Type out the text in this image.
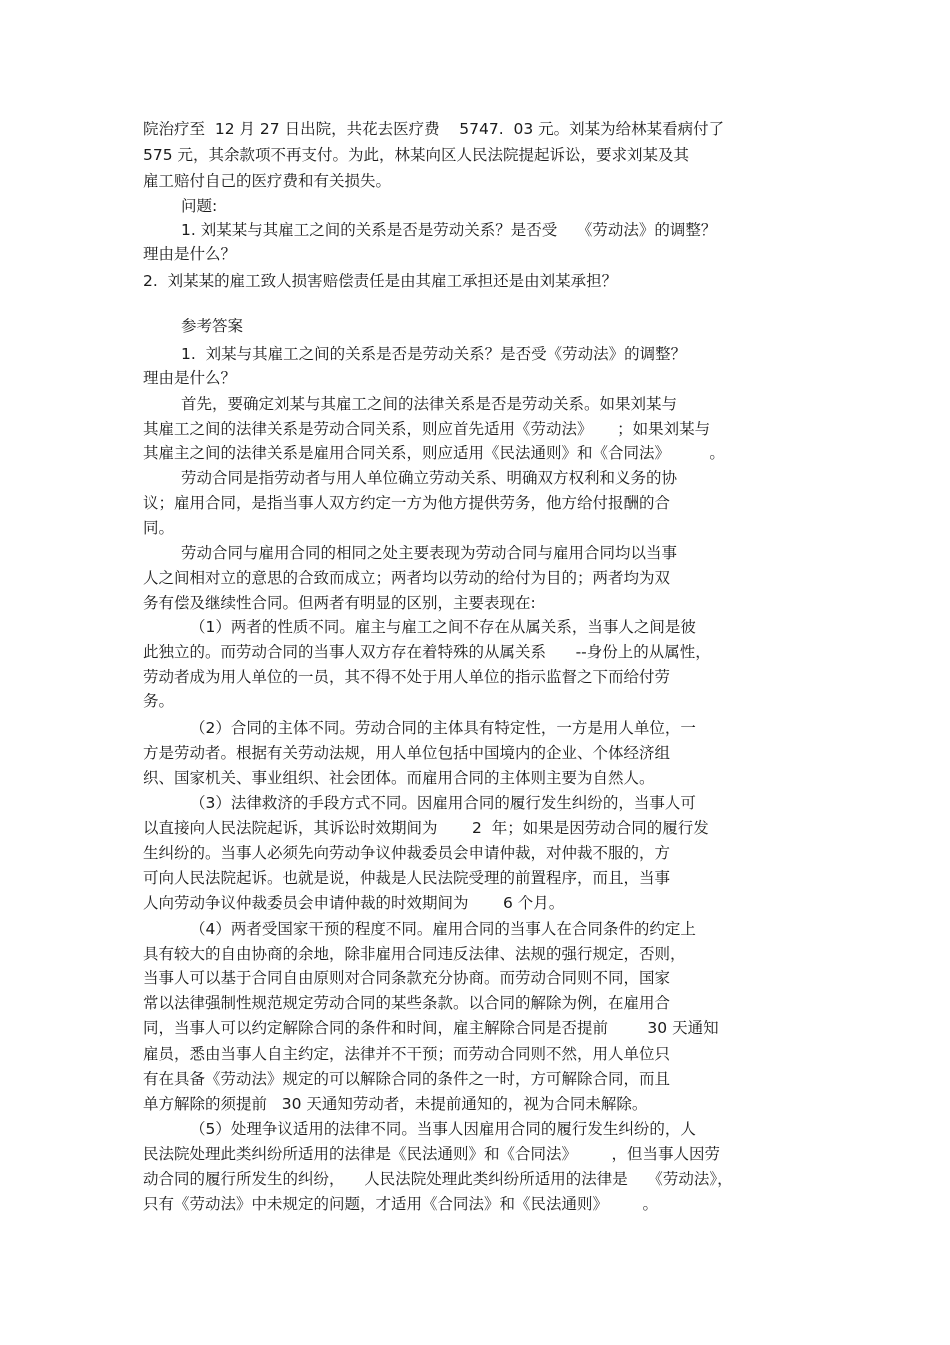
院治疗至  12 月 27 日出院，共花去医疗费    5747.  03 元。刘某为给林某看病付了

575 元，其余款项不再支付。为此，林某向区人民法院提起诉讼，要求刘某及其

雇工赔付自己的医疗费和有关损失。

问题:

1. 刘某某与其雇工之间的关系是否是劳动关系？是否受    《劳动法》的调整？

理由是什么？

2.  刘某某的雇工致人损害赔偿责任是由其雇工承担还是由刘某承担？

参考答案

1.  刘某与其雇工之间的关系是否是劳动关系？是否受《劳动法》的调整？

理由是什么？

首先，要确定刘某与其雇工之间的法律关系是否是劳动关系。如果刘某与

其雇工之间的法律关系是劳动合同关系，则应首先适用《劳动法》     ；如果刘某与

其雇主之间的法律关系是雇用合同关系，则应适用《民法通则》和《合同法》        。

劳动合同是指劳动者与用人单位确立劳动关系、明确双方权利和义务的协

议；雇用合同，是指当事人双方约定一方为他方提供劳务，他方给付报酬的合

同。

劳动合同与雇用合同的相同之处主要表现为劳动合同与雇用合同均以当事

人之间相对立的意思的合致而成立；两者均以劳动的给付为目的；两者均为双

务有偿及继续性合同。但两者有明显的区别，主要表现在:

（1）两者的性质不同。雇主与雇工之间不存在从属关系，当事人之间是彼

此独立的。而劳动合同的当事人双方存在着特殊的从属关系      --身份上的从属性，

劳动者成为用人单位的一员，其不得不处于用人单位的指示监督之下而给付劳

务。

（2）合同的主体不同。劳动合同的主体具有特定性，一方是用人单位，一

方是劳动者。根据有关劳动法规，用人单位包括中国境内的企业、个体经济组

织、国家机关、事业组织、社会团体。而雇用合同的主体则主要为自然人。

（3）法律救济的手段方式不同。因雇用合同的履行发生纠纷的，当事人可

以直接向人民法院起诉，其诉讼时效期间为       2  年；如果是因劳动合同的履行发

生纠纷的。当事人必须先向劳动争议仲裁委员会申请仲裁，对仲裁不服的，方

可向人民法院起诉。也就是说，仲裁是人民法院受理的前置程序，而且，当事

人向劳动争议仲裁委员会申请仲裁的时效期间为       6 个月。

（4）两者受国家干预的程度不同。雇用合同的当事人在合同条件的约定上

具有较大的自由协商的余地，除非雇用合同违反法律、法规的强行规定，否则，

当事人可以基于合同自由原则对合同条款充分协商。而劳动合同则不同，国家

常以法律强制性规范规定劳动合同的某些条款。以合同的解除为例，在雇用合

同，当事人可以约定解除合同的条件和时间，雇主解除合同是否提前        30 天通知

雇员，悉由当事人自主约定，法律并不干预；而劳动合同则不然，用人单位只

有在具备《劳动法》规定的可以解除合同的条件之一时，方可解除合同，而且

单方解除的须提前   30 天通知劳动者，未提前通知的，视为合同未解除。

（5）处理争议适用的法律不同。当事人因雇用合同的履行发生纠纷的，人

民法院处理此类纠纷所适用的法律是《民法通则》和《合同法》       ，但当事人因劳

动合同的履行所发生的纠纷，    人民法院处理此类纠纷所适用的法律是    《劳动法》，

只有《劳动法》中未规定的问题，才适用《合同法》和《民法通则》       。
